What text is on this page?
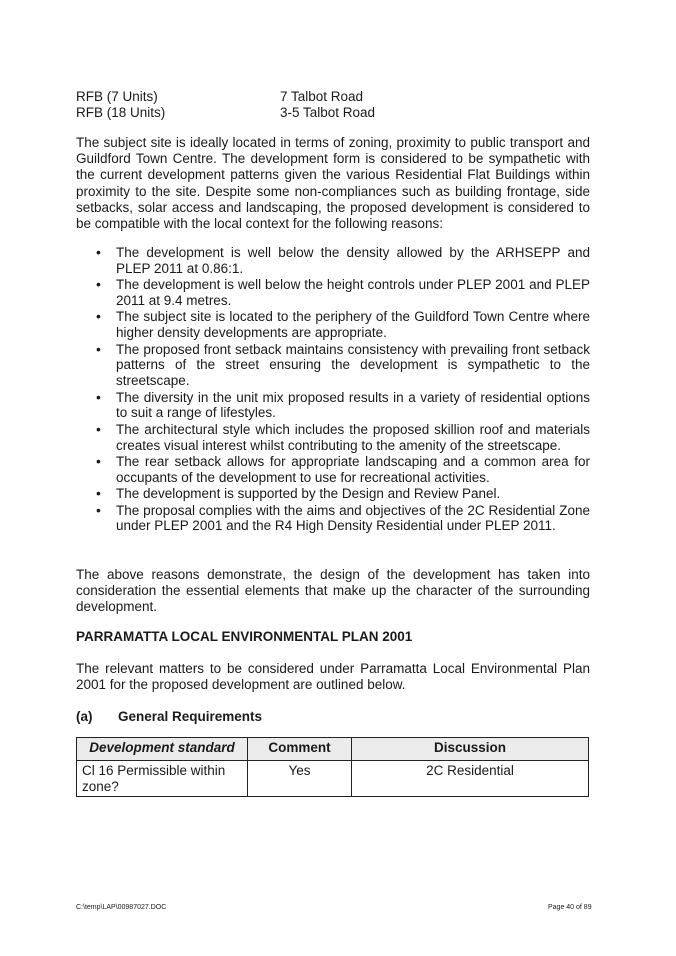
RFB (7 Units)	7 Talbot Road
RFB (18 Units)	3-5 Talbot Road
The subject site is ideally located in terms of zoning, proximity to public transport and Guildford Town Centre. The development form is considered to be sympathetic with the current development patterns given the various Residential Flat Buildings within proximity to the site. Despite some non-compliances such as building frontage, side setbacks, solar access and landscaping, the proposed development is considered to be compatible with the local context for the following reasons:
• The development is well below the density allowed by the ARHSEPP and PLEP 2011 at 0.86:1.
• The development is well below the height controls under PLEP 2001 and PLEP 2011 at 9.4 metres.
• The subject site is located to the periphery of the Guildford Town Centre where higher density developments are appropriate.
• The proposed front setback maintains consistency with prevailing front setback patterns of the street ensuring the development is sympathetic to the streetscape.
• The diversity in the unit mix proposed results in a variety of residential options to suit a range of lifestyles.
• The architectural style which includes the proposed skillion roof and materials creates visual interest whilst contributing to the amenity of the streetscape.
• The rear setback allows for appropriate landscaping and a common area for occupants of the development to use for recreational activities.
• The development is supported by the Design and Review Panel.
• The proposal complies with the aims and objectives of the 2C Residential Zone under PLEP 2001 and the R4 High Density Residential under PLEP 2011.
The above reasons demonstrate, the design of the development has taken into consideration the essential elements that make up the character of the surrounding development.
PARRAMATTA LOCAL ENVIRONMENTAL PLAN 2001
The relevant matters to be considered under Parramatta Local Environmental Plan 2001 for the proposed development are outlined below.
(a) General Requirements
Development standard	Comment	Discussion
Cl 16 Permissible within zone?	Yes	2C Residential
C:\temp\LAP\00987027.DOC	Page 40 of 89
